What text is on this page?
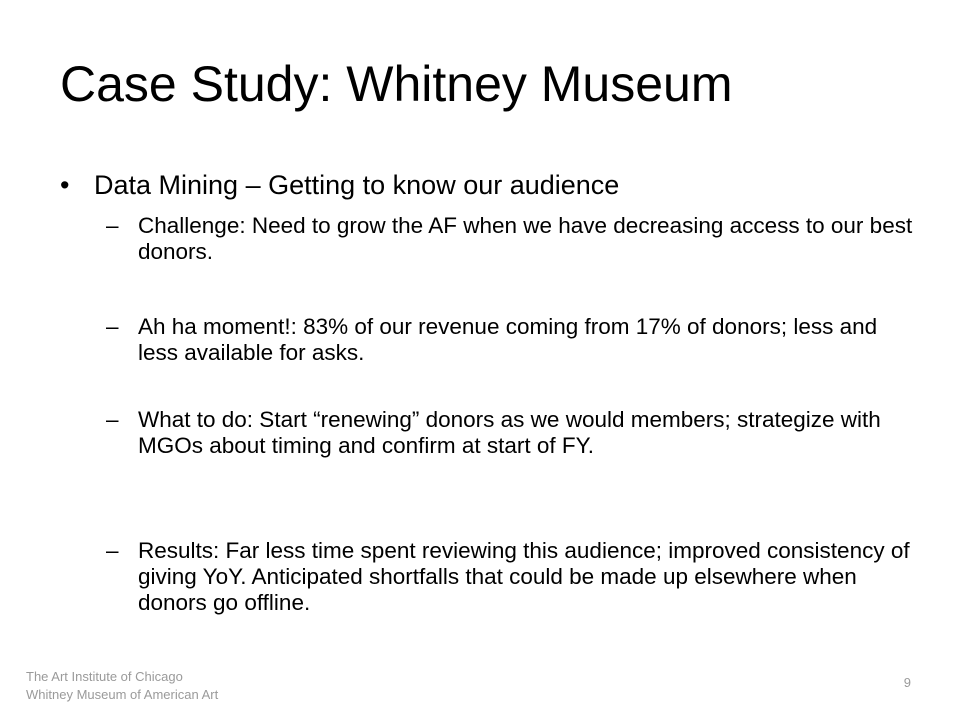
Case Study: Whitney Museum
• Data Mining – Getting to know our audience
– Challenge: Need to grow the AF when we have decreasing access to our best donors.
– Ah ha moment!: 83% of our revenue coming from 17% of donors; less and less available for asks.
– What to do: Start “renewing” donors as we would members; strategize with MGOs about timing and confirm at start of FY.
– Results: Far less time spent reviewing this audience; improved consistency of giving YoY. Anticipated shortfalls that could be made up elsewhere when donors go offline.
The Art Institute of Chicago
Whitney Museum of American Art
9
